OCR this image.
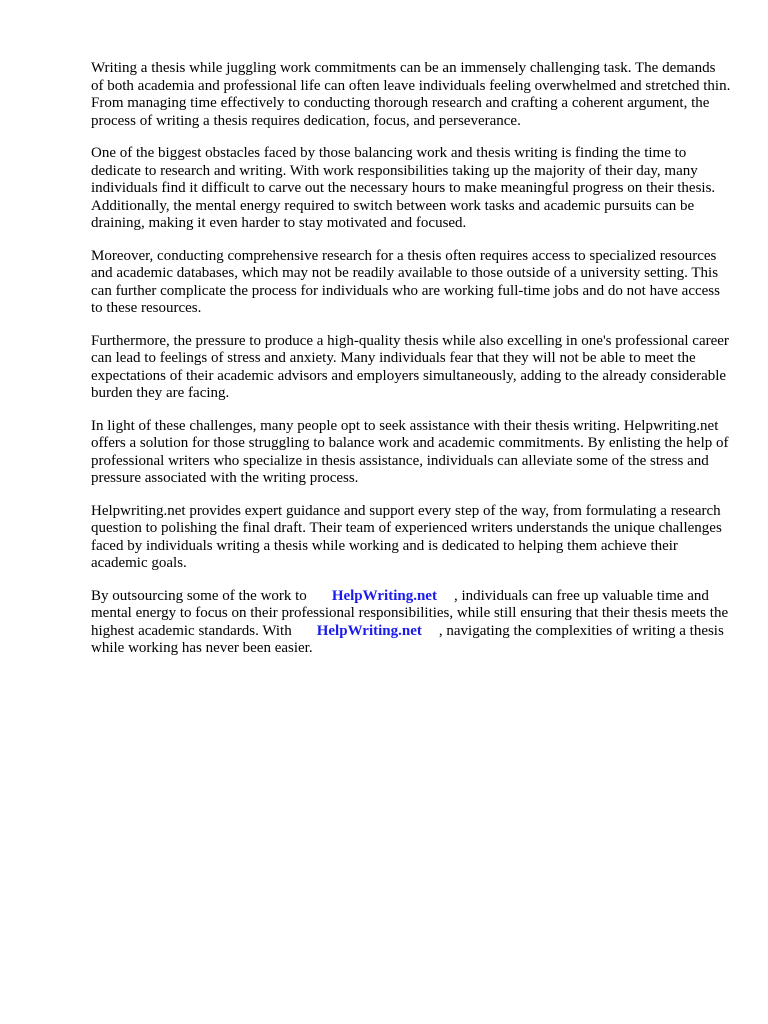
Writing a thesis while juggling work commitments can be an immensely challenging task. The demands of both academia and professional life can often leave individuals feeling overwhelmed and stretched thin. From managing time effectively to conducting thorough research and crafting a coherent argument, the process of writing a thesis requires dedication, focus, and perseverance.

One of the biggest obstacles faced by those balancing work and thesis writing is finding the time to dedicate to research and writing. With work responsibilities taking up the majority of their day, many individuals find it difficult to carve out the necessary hours to make meaningful progress on their thesis. Additionally, the mental energy required to switch between work tasks and academic pursuits can be draining, making it even harder to stay motivated and focused.

Moreover, conducting comprehensive research for a thesis often requires access to specialized resources and academic databases, which may not be readily available to those outside of a university setting. This can further complicate the process for individuals who are working full-time jobs and do not have access to these resources.

Furthermore, the pressure to produce a high-quality thesis while also excelling in one's professional career can lead to feelings of stress and anxiety. Many individuals fear that they will not be able to meet the expectations of their academic advisors and employers simultaneously, adding to the already considerable burden they are facing.

In light of these challenges, many people opt to seek assistance with their thesis writing. Helpwriting.net offers a solution for those struggling to balance work and academic commitments. By enlisting the help of professional writers who specialize in thesis assistance, individuals can alleviate some of the stress and pressure associated with the writing process.

Helpwriting.net provides expert guidance and support every step of the way, from formulating a research question to polishing the final draft. Their team of experienced writers understands the unique challenges faced by individuals writing a thesis while working and is dedicated to helping them achieve their academic goals.

By outsourcing some of the work to HelpWriting.net , individuals can free up valuable time and mental energy to focus on their professional responsibilities, while still ensuring that their thesis meets the highest academic standards. With HelpWriting.net , navigating the complexities of writing a thesis while working has never been easier.
